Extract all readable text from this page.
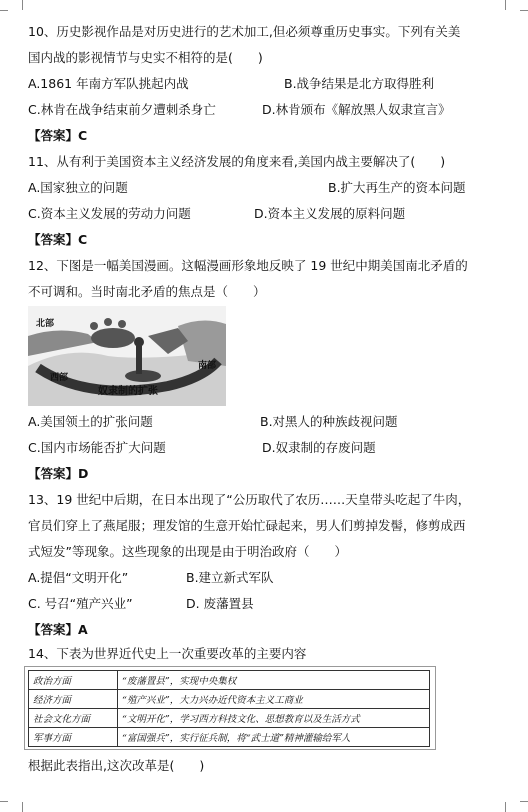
10、历史影视作品是对历史进行的艺术加工,但必须尊重历史事实。下列有关美
国内战的影视情节与史实不相符的是(　　)
A.1861 年南方军队挑起内战	B.战争结果是北方取得胜利
C.林肯在战争结束前夕遭刺杀身亡	D.林肯颁布《解放黑人奴隶宣言》
【答案】C
11、从有利于美国资本主义经济发展的角度来看,美国内战主要解决了(　　)
A.国家独立的问题	B.扩大再生产的资本问题
C.资本主义发展的劳动力问题	D.资本主义发展的原料问题
【答案】C
12、下图是一幅美国漫画。这幅漫画形象地反映了 19 世纪中期美国南北矛盾的
不可调和。当时南北矛盾的焦点是（　　）
北部
西部
南部
奴隶制的扩张
A.美国领土的扩张问题	B.对黑人的种族歧视问题
C.国内市场能否扩大问题	D.奴隶制的存废问题
【答案】D
13、19 世纪中后期，在日本出现了“公历取代了农历……天皇带头吃起了牛肉，
官员们穿上了燕尾服；理发馆的生意开始忙碌起来，男人们剪掉发髻，修剪成西
式短发”等现象。这些现象的出现是由于明治政府（　　）
A.提倡“文明开化”	B.建立新式军队
C. 号召“殖产兴业”	D. 废藩置县
【答案】A
14、下表为世界近代史上一次重要改革的主要内容
政治方面	“废藩置县”，实现中央集权
经济方面	“殖产兴业”，大力兴办近代资本主义工商业
社会文化方面	“文明开化”，学习西方科技文化、思想教育以及生活方式
军事方面	“富国强兵”，实行征兵制，将“武士道”精神灌输给军人
根据此表指出,这次改革是(　　)
